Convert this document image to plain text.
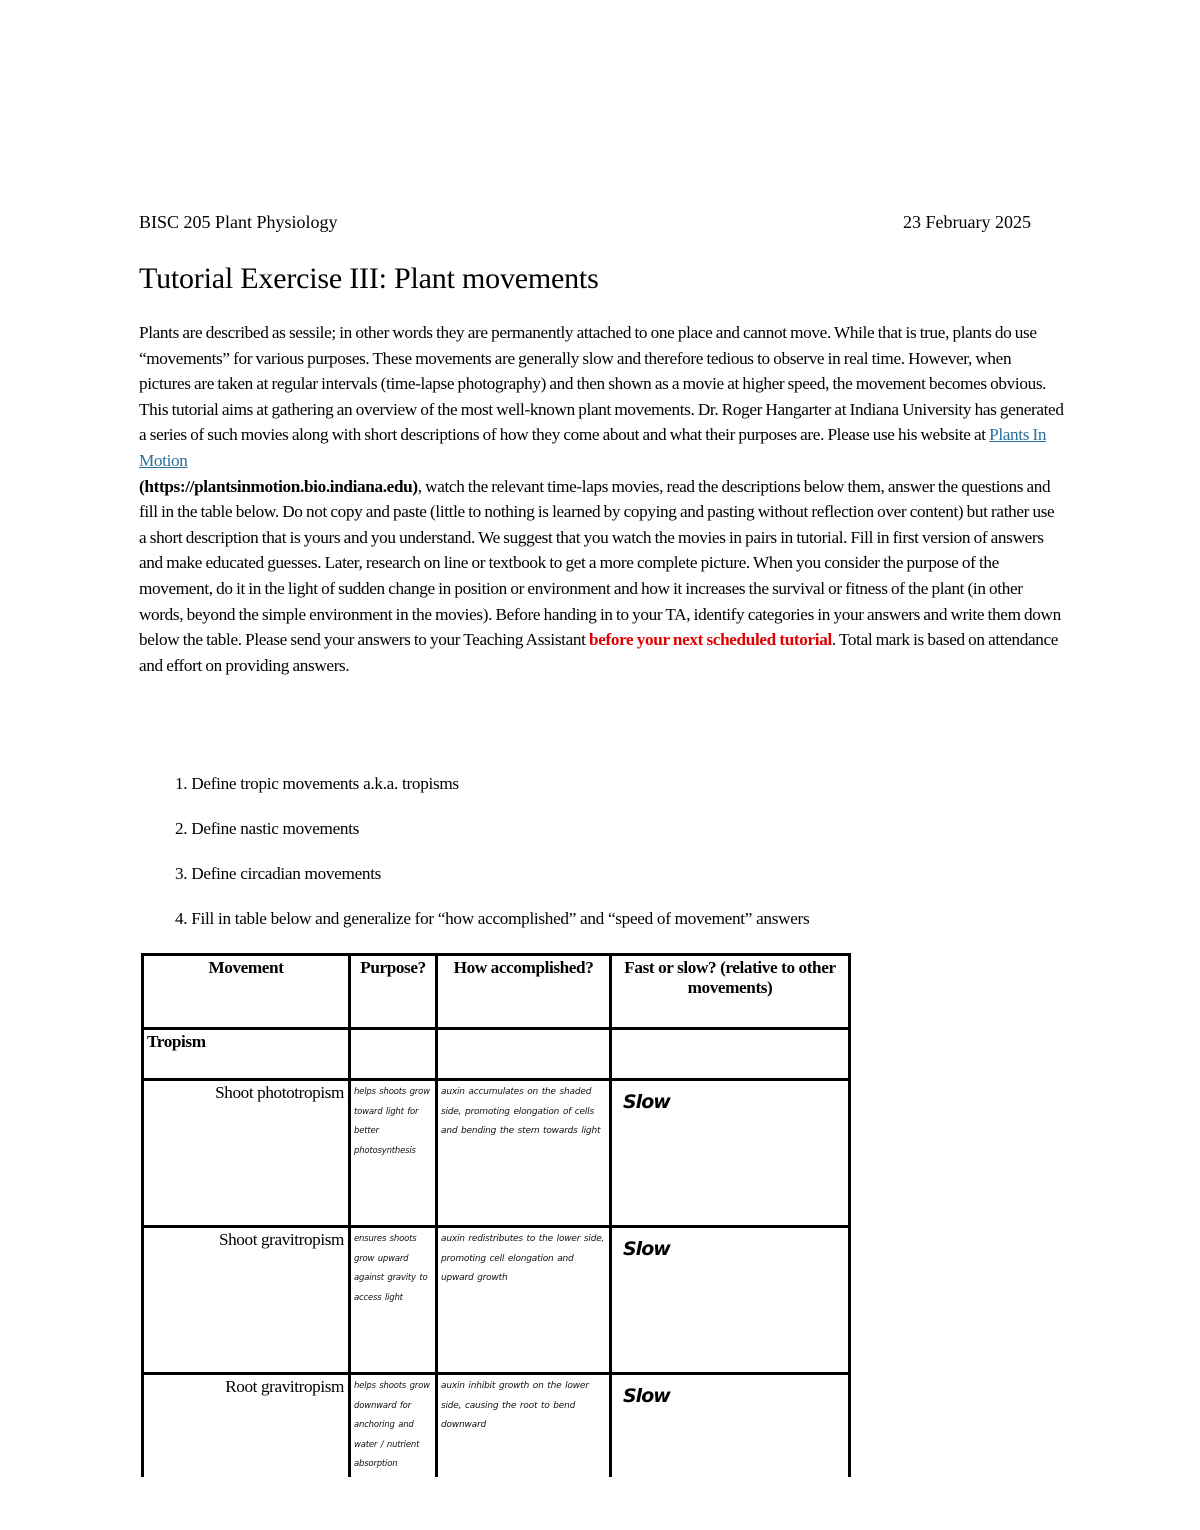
BISC 205 Plant Physiology	23 February 2025
Tutorial Exercise III: Plant movements

Plants are described as sessile; in other words they are permanently attached to one place and cannot move. While that is true, plants do use “movements” for various purposes. These movements are generally slow and therefore tedious to observe in real time. However, when pictures are taken at regular intervals (time-lapse photography) and then shown as a movie at higher speed, the movement becomes obvious. This tutorial aims at gathering an overview of the most well-known plant movements. Dr. Roger Hangarter at Indiana University has generated a series of such movies along with short descriptions of how they come about and what their purposes are. Please use his website at Plants In Motion
(https://plantsinmotion.bio.indiana.edu), watch the relevant time-laps movies, read the descriptions below them, answer the questions and fill in the table below. Do not copy and paste (little to nothing is learned by copying and pasting without reflection over content) but rather use a short description that is yours and you understand. We suggest that you watch the movies in pairs in tutorial. Fill in first version of answers and make educated guesses. Later, research on line or textbook to get a more complete picture. When you consider the purpose of the movement, do it in the light of sudden change in position or environment and how it increases the survival or fitness of the plant (in other words, beyond the simple environment in the movies). Before handing in to your TA, identify categories in your answers and write them down below the table. Please send your answers to your Teaching Assistant before your next scheduled tutorial. Total mark is based on attendance and effort on providing answers.

1. Define tropic movements a.k.a. tropisms
2. Define nastic movements
3. Define circadian movements
4. Fill in table below and generalize for “how accomplished” and “speed of movement” answers
Movement	Purpose?	How accomplished?	Fast or slow? (relative to other movements)
Tropism			
Shoot phototropism	helps shoots grow toward light for better photosynthesis	auxin accumulates on the shaded side, promoting elongation of cells and bending the stem towards light	Slow

Shoot gravitropism	ensures shoots grow upward against gravity to access light	auxin redistributes to the lower side, promoting cell elongation and upward growth	Slow

Root gravitropism	helps shoots grow downward for anchoring and water / nutrient absorption	auxin inhibit growth on the lower side, causing the root to bend downward	Slow
